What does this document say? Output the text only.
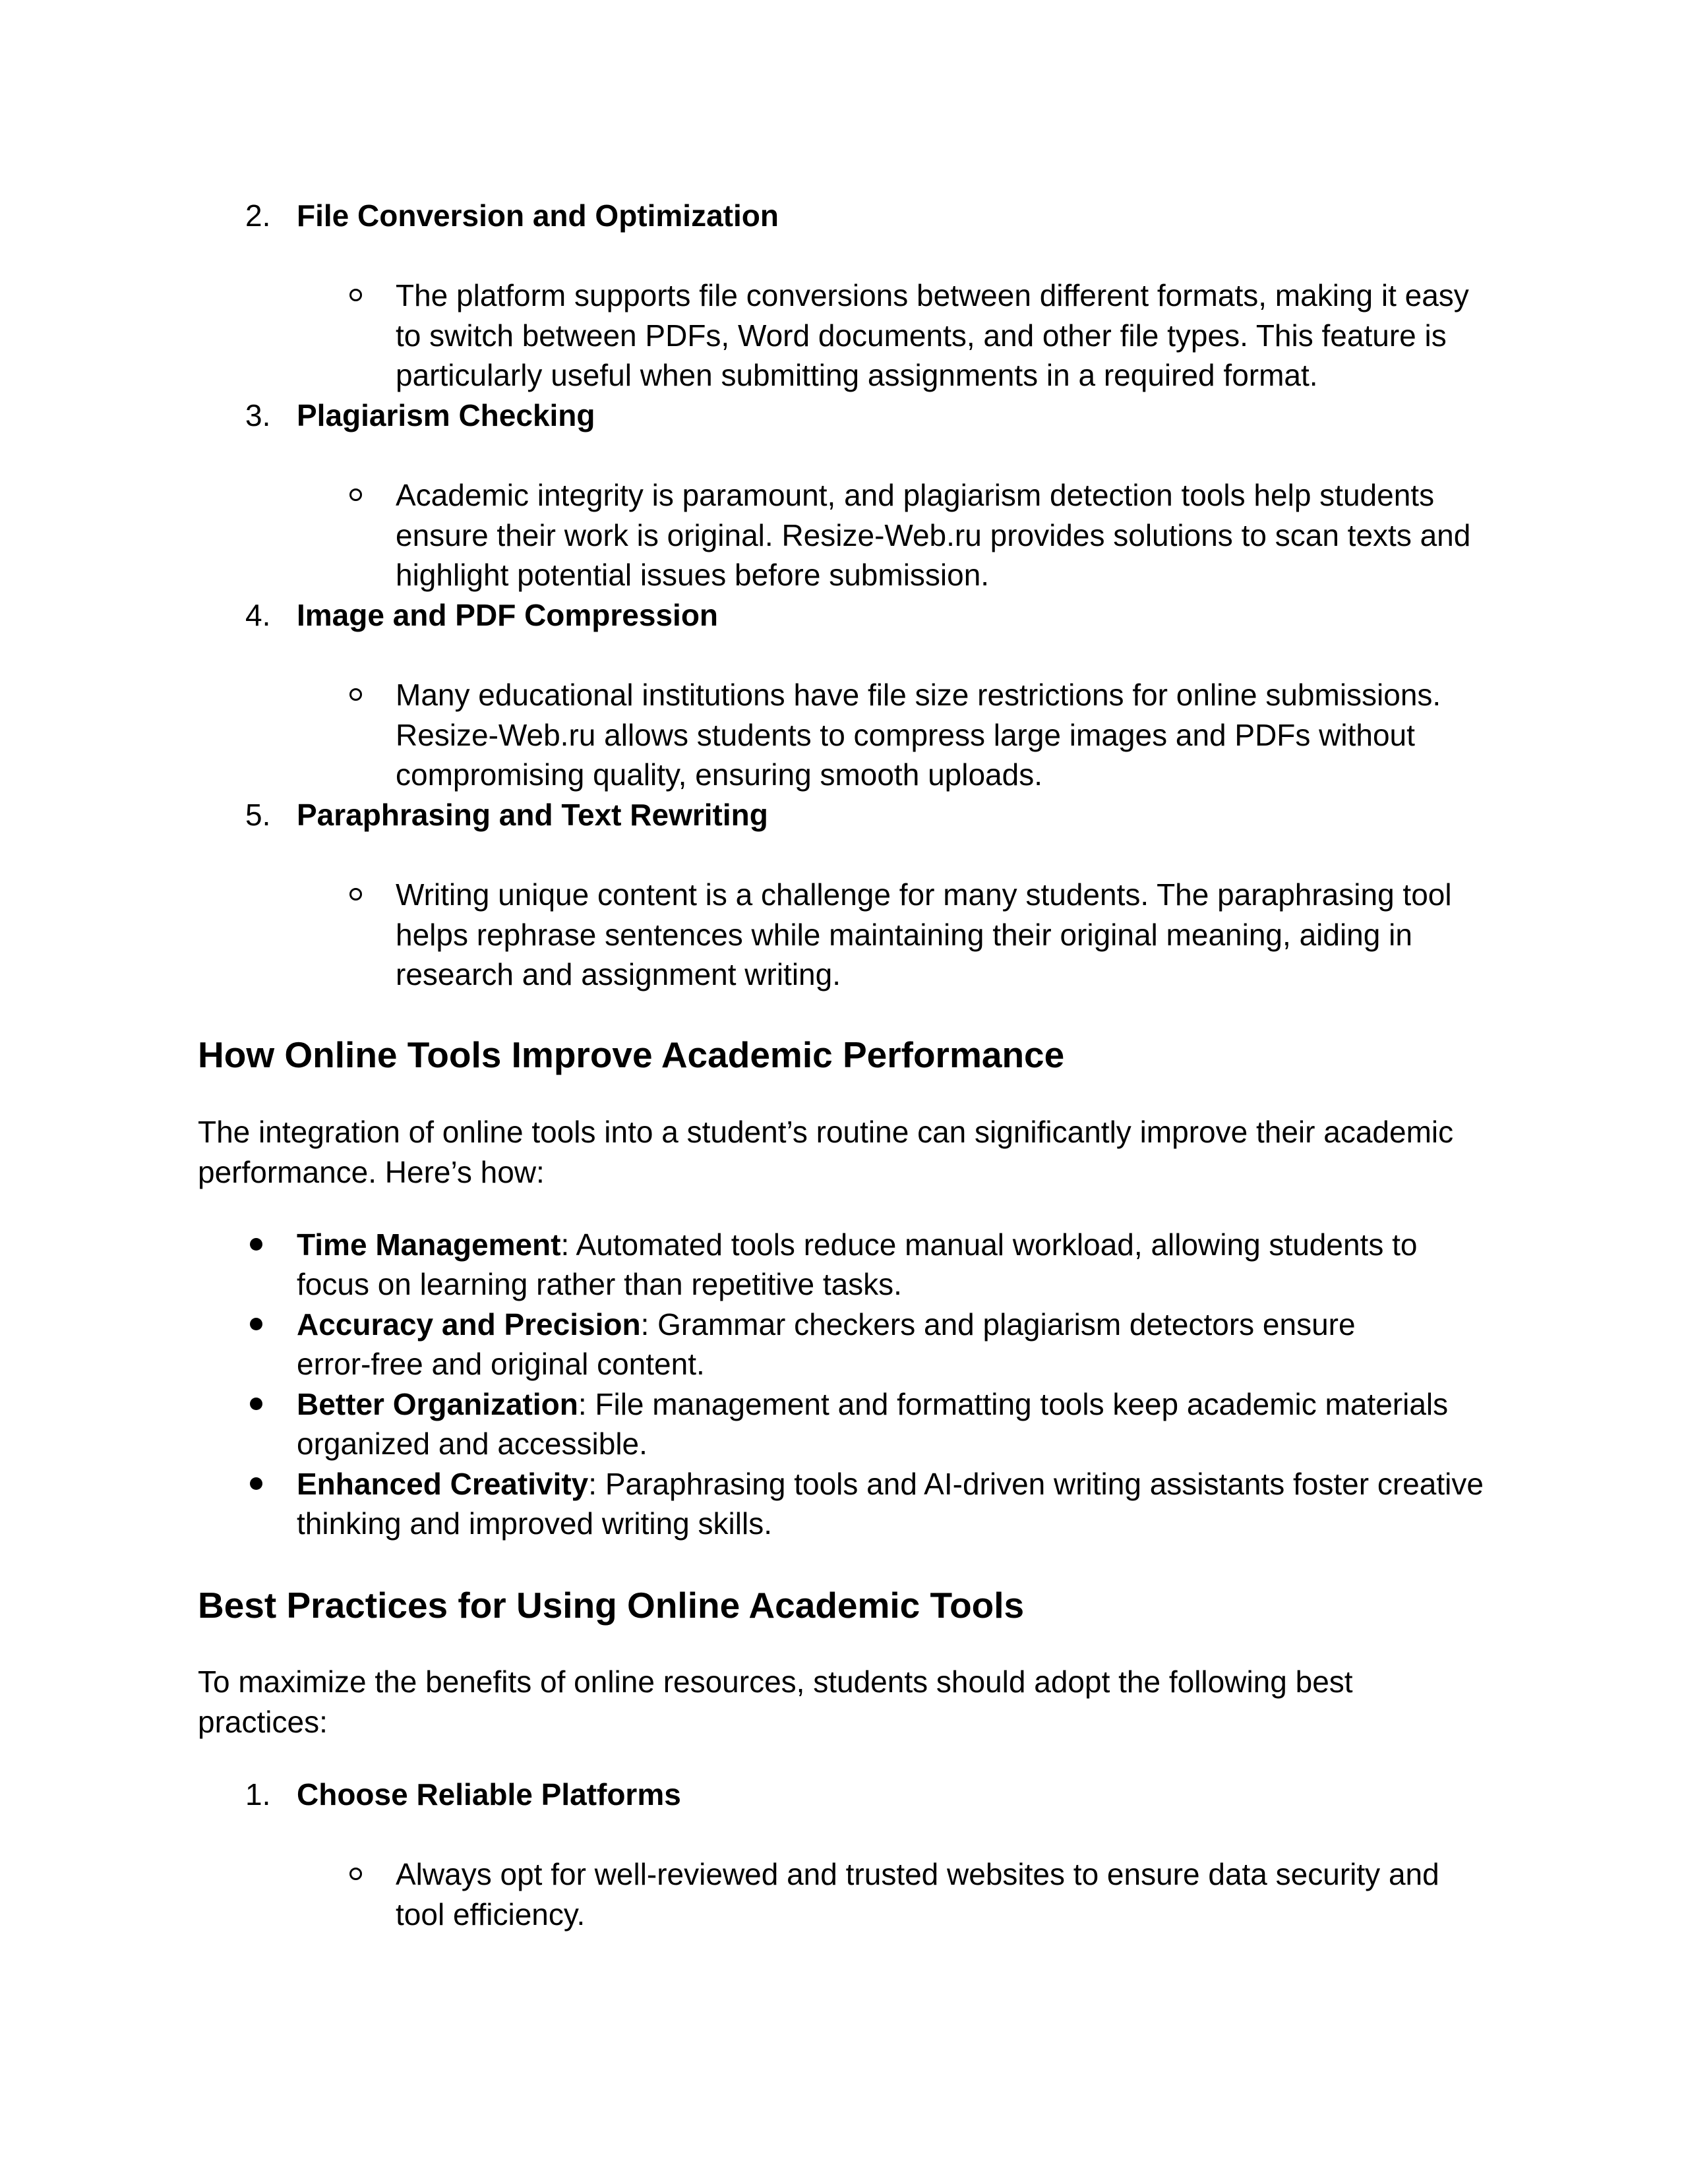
2. File Conversion and Optimization
The platform supports file conversions between different formats, making it easy
to switch between PDFs, Word documents, and other file types. This feature is
particularly useful when submitting assignments in a required format.
3. Plagiarism Checking
Academic integrity is paramount, and plagiarism detection tools help students
ensure their work is original. Resize-Web.ru provides solutions to scan texts and
highlight potential issues before submission.
4. Image and PDF Compression
Many educational institutions have file size restrictions for online submissions.
Resize-Web.ru allows students to compress large images and PDFs without
compromising quality, ensuring smooth uploads.
5. Paraphrasing and Text Rewriting
Writing unique content is a challenge for many students. The paraphrasing tool
helps rephrase sentences while maintaining their original meaning, aiding in
research and assignment writing.
How Online Tools Improve Academic Performance
The integration of online tools into a student’s routine can significantly improve their academic
performance. Here’s how:
Time Management: Automated tools reduce manual workload, allowing students to
focus on learning rather than repetitive tasks.
Accuracy and Precision: Grammar checkers and plagiarism detectors ensure
error-free and original content.
Better Organization: File management and formatting tools keep academic materials
organized and accessible.
Enhanced Creativity: Paraphrasing tools and AI-driven writing assistants foster creative
thinking and improved writing skills.
Best Practices for Using Online Academic Tools
To maximize the benefits of online resources, students should adopt the following best
practices:
1. Choose Reliable Platforms
Always opt for well-reviewed and trusted websites to ensure data security and
tool efficiency.
